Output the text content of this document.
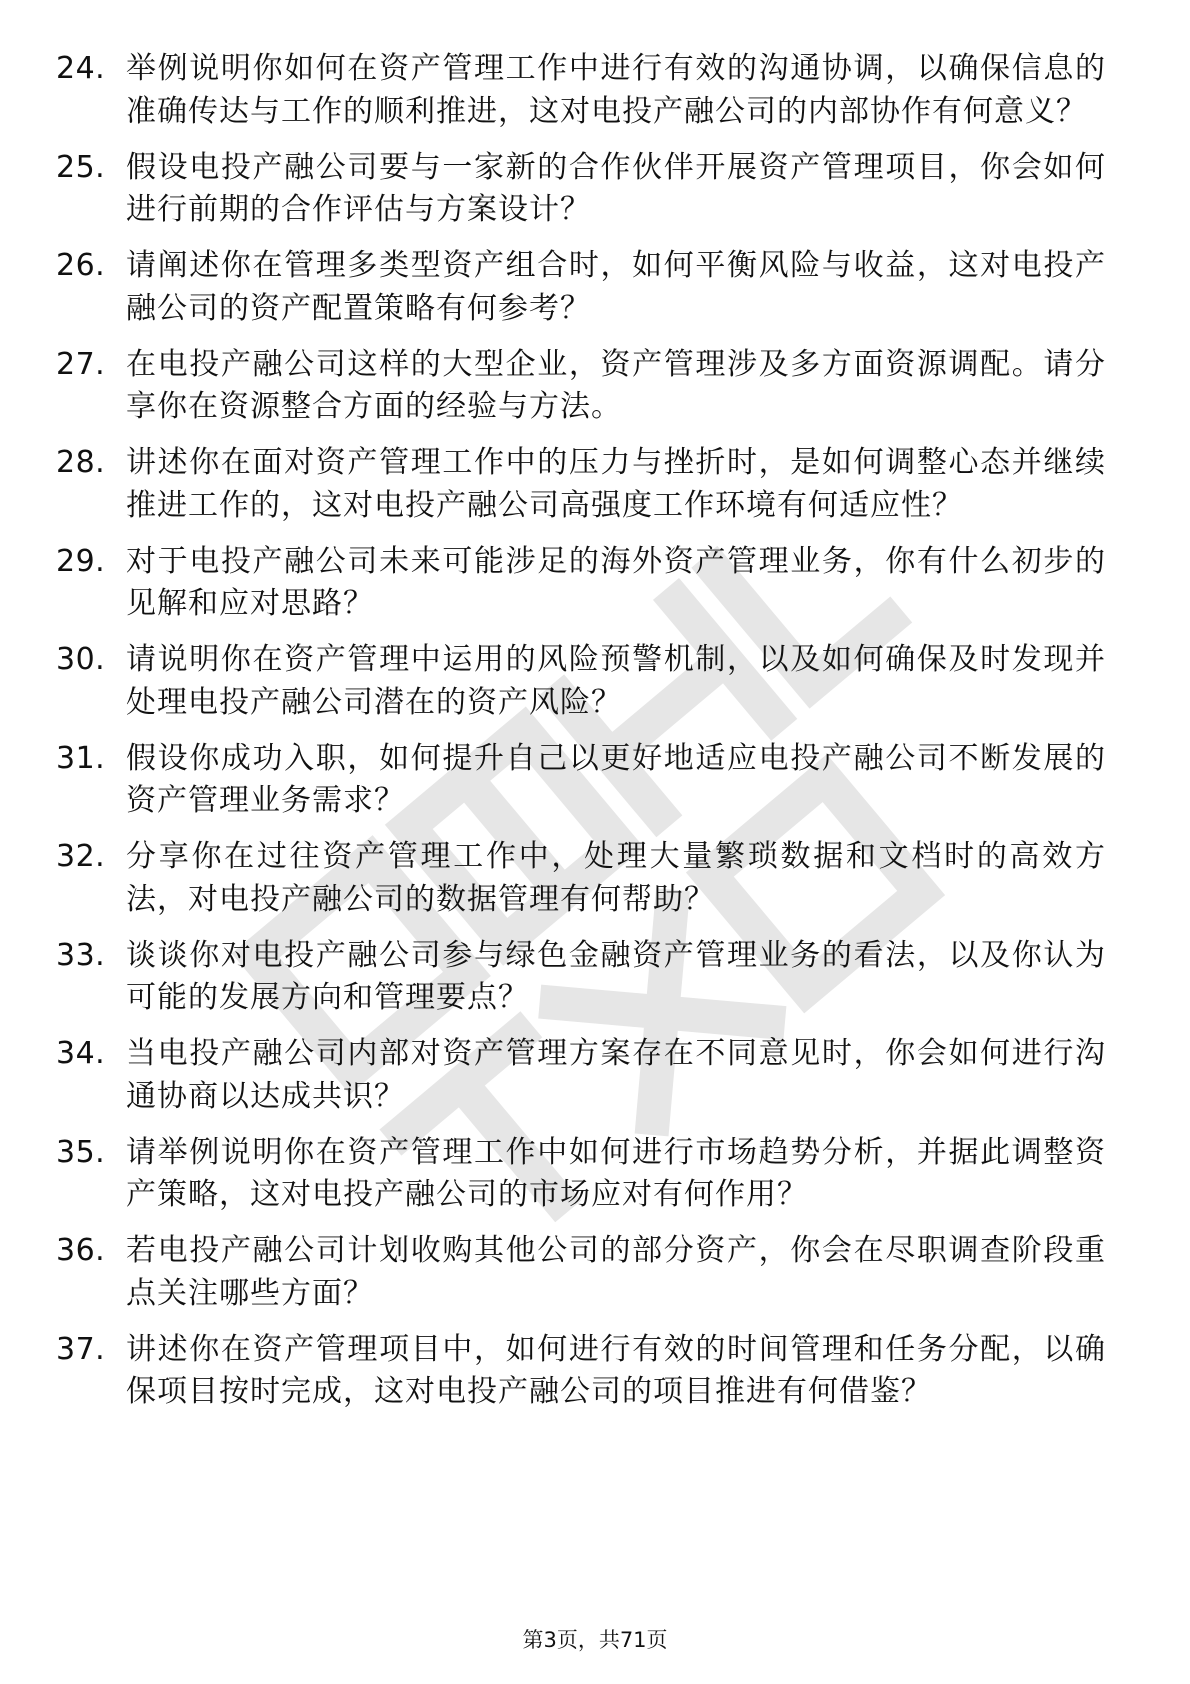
24. 举例说明你如何在资产管理工作中进行有效的沟通协调，以确保信息的准确传达与工作的顺利推进，这对电投产融公司的内部协作有何意义？
25. 假设电投产融公司要与一家新的合作伙伴开展资产管理项目，你会如何进行前期的合作评估与方案设计？
26. 请阐述你在管理多类型资产组合时，如何平衡风险与收益，这对电投产融公司的资产配置策略有何参考？
27. 在电投产融公司这样的大型企业，资产管理涉及多方面资源调配。请分享你在资源整合方面的经验与方法。
28. 讲述你在面对资产管理工作中的压力与挫折时，是如何调整心态并继续推进工作的，这对电投产融公司高强度工作环境有何适应性？
29. 对于电投产融公司未来可能涉足的海外资产管理业务，你有什么初步的见解和应对思路？
30. 请说明你在资产管理中运用的风险预警机制，以及如何确保及时发现并处理电投产融公司潜在的资产风险？
31. 假设你成功入职，如何提升自己以更好地适应电投产融公司不断发展的资产管理业务需求？
32. 分享你在过往资产管理工作中，处理大量繁琐数据和文档时的高效方法，对电投产融公司的数据管理有何帮助？
33. 谈谈你对电投产融公司参与绿色金融资产管理业务的看法，以及你认为可能的发展方向和管理要点？
34. 当电投产融公司内部对资产管理方案存在不同意见时，你会如何进行沟通协商以达成共识？
35. 请举例说明你在资产管理工作中如何进行市场趋势分析，并据此调整资产策略，这对电投产融公司的市场应对有何作用？
36. 若电投产融公司计划收购其他公司的部分资产，你会在尽职调查阶段重点关注哪些方面？
37. 讲述你在资产管理项目中，如何进行有效的时间管理和任务分配，以确保项目按时完成，这对电投产融公司的项目推进有何借鉴？
第3页，共71页
